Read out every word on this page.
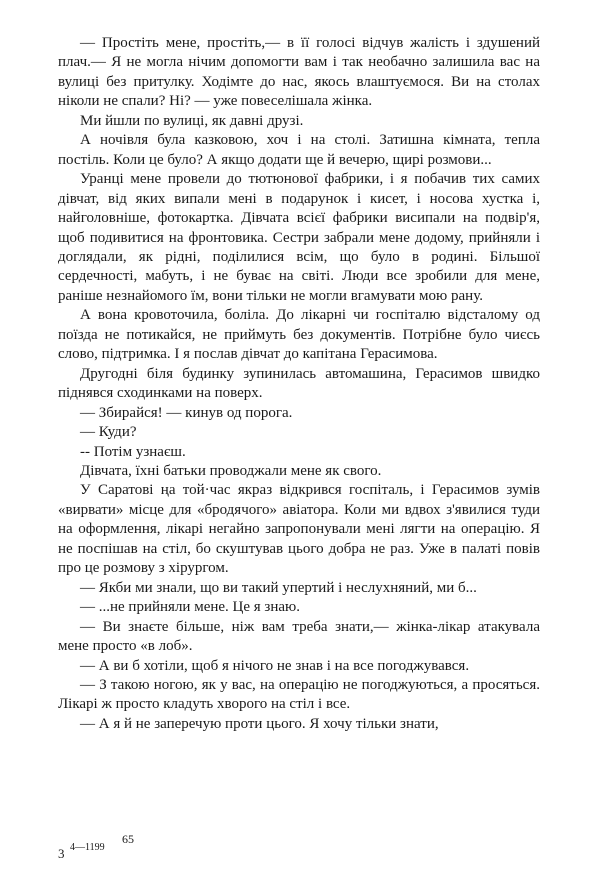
— Простіть мене, простіть,— в її голосі відчув жалість і здушений плач.— Я не могла нічим допомогти вам і так необачно залишила вас на вулиці без притулку. Ходімте до нас, якось влаштуємося. Ви на столах ніколи не спали? Ні? — уже повеселішала жінка.

Ми йшли по вулиці, як давні друзі.

А ночівля була казковою, хоч і на столі. Затишна кімната, тепла постіль. Коли це було? А якщо додати ще й вечерю, щирі розмови...

Уранці мене провели до тютюнової фабрики, і я побачив тих самих дівчат, від яких випали мені в подарунок і кисет, і носова хустка і, найголовніше, фотокартка. Дівчата всієї фабрики висипали на подвір'я, щоб подивитися на фронтовика. Сестри забрали мене додому, прийняли і доглядали, як рідні, поділилися всім, що було в родині. Більшої сердечності, мабуть, і не буває на світі. Люди все зробили для мене, раніше незнайомого їм, вони тільки не могли вгамувати мою рану.

А вона кровоточила, боліла. До лікарні чи госпіталю відсталому од поїзда не потикайся, не приймуть без документів. Потрібне було чиєсь слово, підтримка. І я послав дівчат до капітана Герасимова.

Другодні біля будинку зупинилась автомашина, Герасимов швидко піднявся сходинками на поверх.

— Збирайся! — кинув од порога.

— Куди?

-- Потім узнаєш.

Дівчата, їхні батьки проводжали мене як свого.

У Саратові ңа той·час якраз відкрився госпіталь, і Герасимов зумів «вирвати» місце для «бродячого» авіатора. Коли ми вдвох з'явилися туди на оформлення, лікарі негайно запропонували мені лягти на операцію. Я не поспішав на стіл, бо скуштував цього добра не раз. Уже в палаті повів про це розмову з хірургом.

— Якби ми знали, що ви такий упертий і неслухняний, ми б...

— ...не прийняли мене. Це я знаю.

— Ви знаєте більше, ніж вам треба знати,— жінка-лікар атакувала мене просто «в лоб».

— А ви б хотіли, щоб я нічого не знав і на все погоджувався.

— З такою ногою, як у вас, на операцію не погоджуються, а просяться. Лікарі ж просто кладуть хворого на стіл і все.

— А я й не заперечую проти цього. Я хочу тільки знати,

3 4—1199
65
